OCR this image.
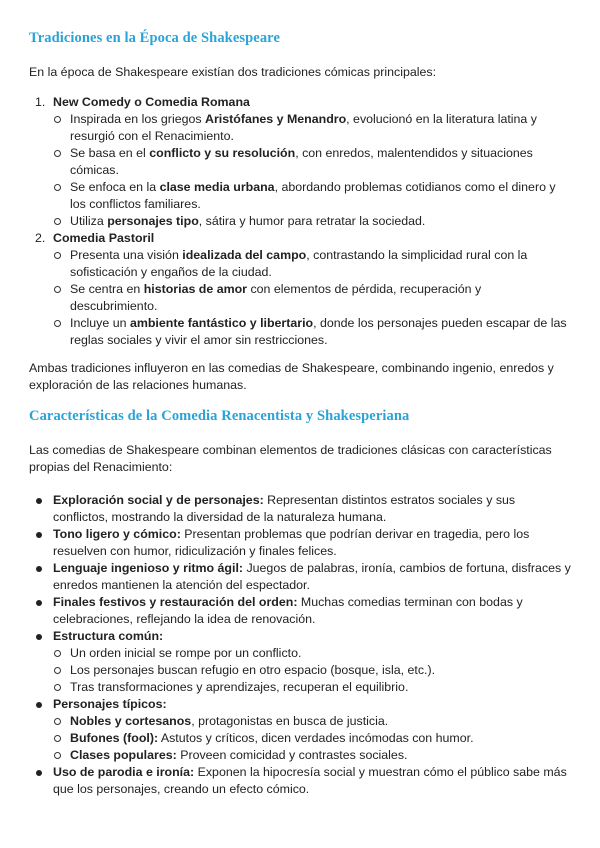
Tradiciones en la Época de Shakespeare

En la época de Shakespeare existían dos tradiciones cómicas principales:

1. New Comedy o Comedia Romana
Inspirada en los griegos Aristófanes y Menandro, evolucionó en la literatura latina y resurgió con el Renacimiento.
Se basa en el conflicto y su resolución, con enredos, malentendidos y situaciones cómicas.
Se enfoca en la clase media urbana, abordando problemas cotidianos como el dinero y los conflictos familiares.
Utiliza personajes tipo, sátira y humor para retratar la sociedad.
2. Comedia Pastoril
Presenta una visión idealizada del campo, contrastando la simplicidad rural con la sofisticación y engaños de la ciudad.
Se centra en historias de amor con elementos de pérdida, recuperación y descubrimiento.
Incluye un ambiente fantástico y libertario, donde los personajes pueden escapar de las reglas sociales y vivir el amor sin restricciones.

Ambas tradiciones influyeron en las comedias de Shakespeare, combinando ingenio, enredos y exploración de las relaciones humanas.

Características de la Comedia Renacentista y Shakesperiana

Las comedias de Shakespeare combinan elementos de tradiciones clásicas con características propias del Renacimiento:

Exploración social y de personajes: Representan distintos estratos sociales y sus conflictos, mostrando la diversidad de la naturaleza humana.
Tono ligero y cómico: Presentan problemas que podrían derivar en tragedia, pero los resuelven con humor, ridiculización y finales felices.
Lenguaje ingenioso y ritmo ágil: Juegos de palabras, ironía, cambios de fortuna, disfraces y enredos mantienen la atención del espectador.
Finales festivos y restauración del orden: Muchas comedias terminan con bodas y celebraciones, reflejando la idea de renovación.
Estructura común:
Un orden inicial se rompe por un conflicto.
Los personajes buscan refugio en otro espacio (bosque, isla, etc.).
Tras transformaciones y aprendizajes, recuperan el equilibrio.
Personajes típicos:
Nobles y cortesanos, protagonistas en busca de justicia.
Bufones (fool): Astutos y críticos, dicen verdades incómodas con humor.
Clases populares: Proveen comicidad y contrastes sociales.
Uso de parodia e ironía: Exponen la hipocresía social y muestran cómo el público sabe más que los personajes, creando un efecto cómico.
